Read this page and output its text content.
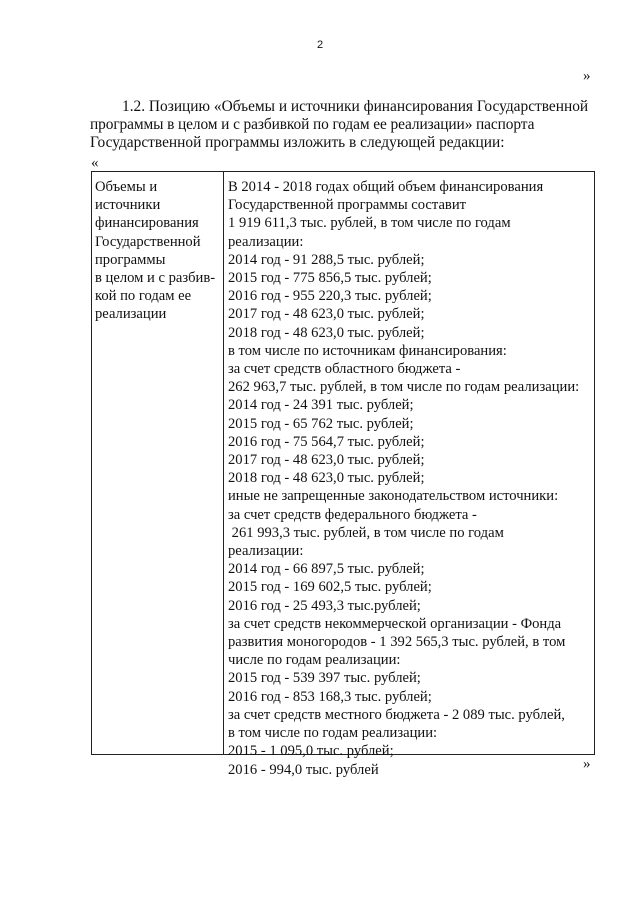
2
»
1.2. Позицию «Объемы и источники финансирования Государственной
программы в целом и с разбивкой по годам ее реализации» паспорта
Государственной программы изложить в следующей редакции:
«
Объемы и
источники
финансирования
Государственной
программы
в целом и с разбив-
кой по годам ее
реализации
В 2014 - 2018 годах общий объем финансирования
Государственной программы составит
1 919 611,3 тыс. рублей, в том числе по годам
реализации:
2014 год - 91 288,5 тыс. рублей;
2015 год - 775 856,5 тыс. рублей;
2016 год - 955 220,3 тыс. рублей;
2017 год - 48 623,0 тыс. рублей;
2018 год - 48 623,0 тыс. рублей;
в том числе по источникам финансирования:
за счет средств областного бюджета -
262 963,7 тыс. рублей, в том числе по годам реализации:
2014 год - 24 391 тыс. рублей;
2015 год - 65 762 тыс. рублей;
2016 год - 75 564,7 тыс. рублей;
2017 год - 48 623,0 тыс. рублей;
2018 год - 48 623,0 тыс. рублей;
иные не запрещенные законодательством источники:
за счет средств федерального бюджета -
261 993,3 тыс. рублей, в том числе по годам
реализации:
2014 год - 66 897,5 тыс. рублей;
2015 год - 169 602,5 тыс. рублей;
2016 год - 25 493,3 тыс.рублей;
за счет средств некоммерческой организации - Фонда
развития моногородов - 1 392 565,3 тыс. рублей, в том
числе по годам реализации:
2015 год - 539 397 тыс. рублей;
2016 год - 853 168,3 тыс. рублей;
за счет средств местного бюджета - 2 089 тыс. рублей,
в том числе по годам реализации:
2015 - 1 095,0 тыс. рублей;
2016 - 994,0 тыс. рублей	»
